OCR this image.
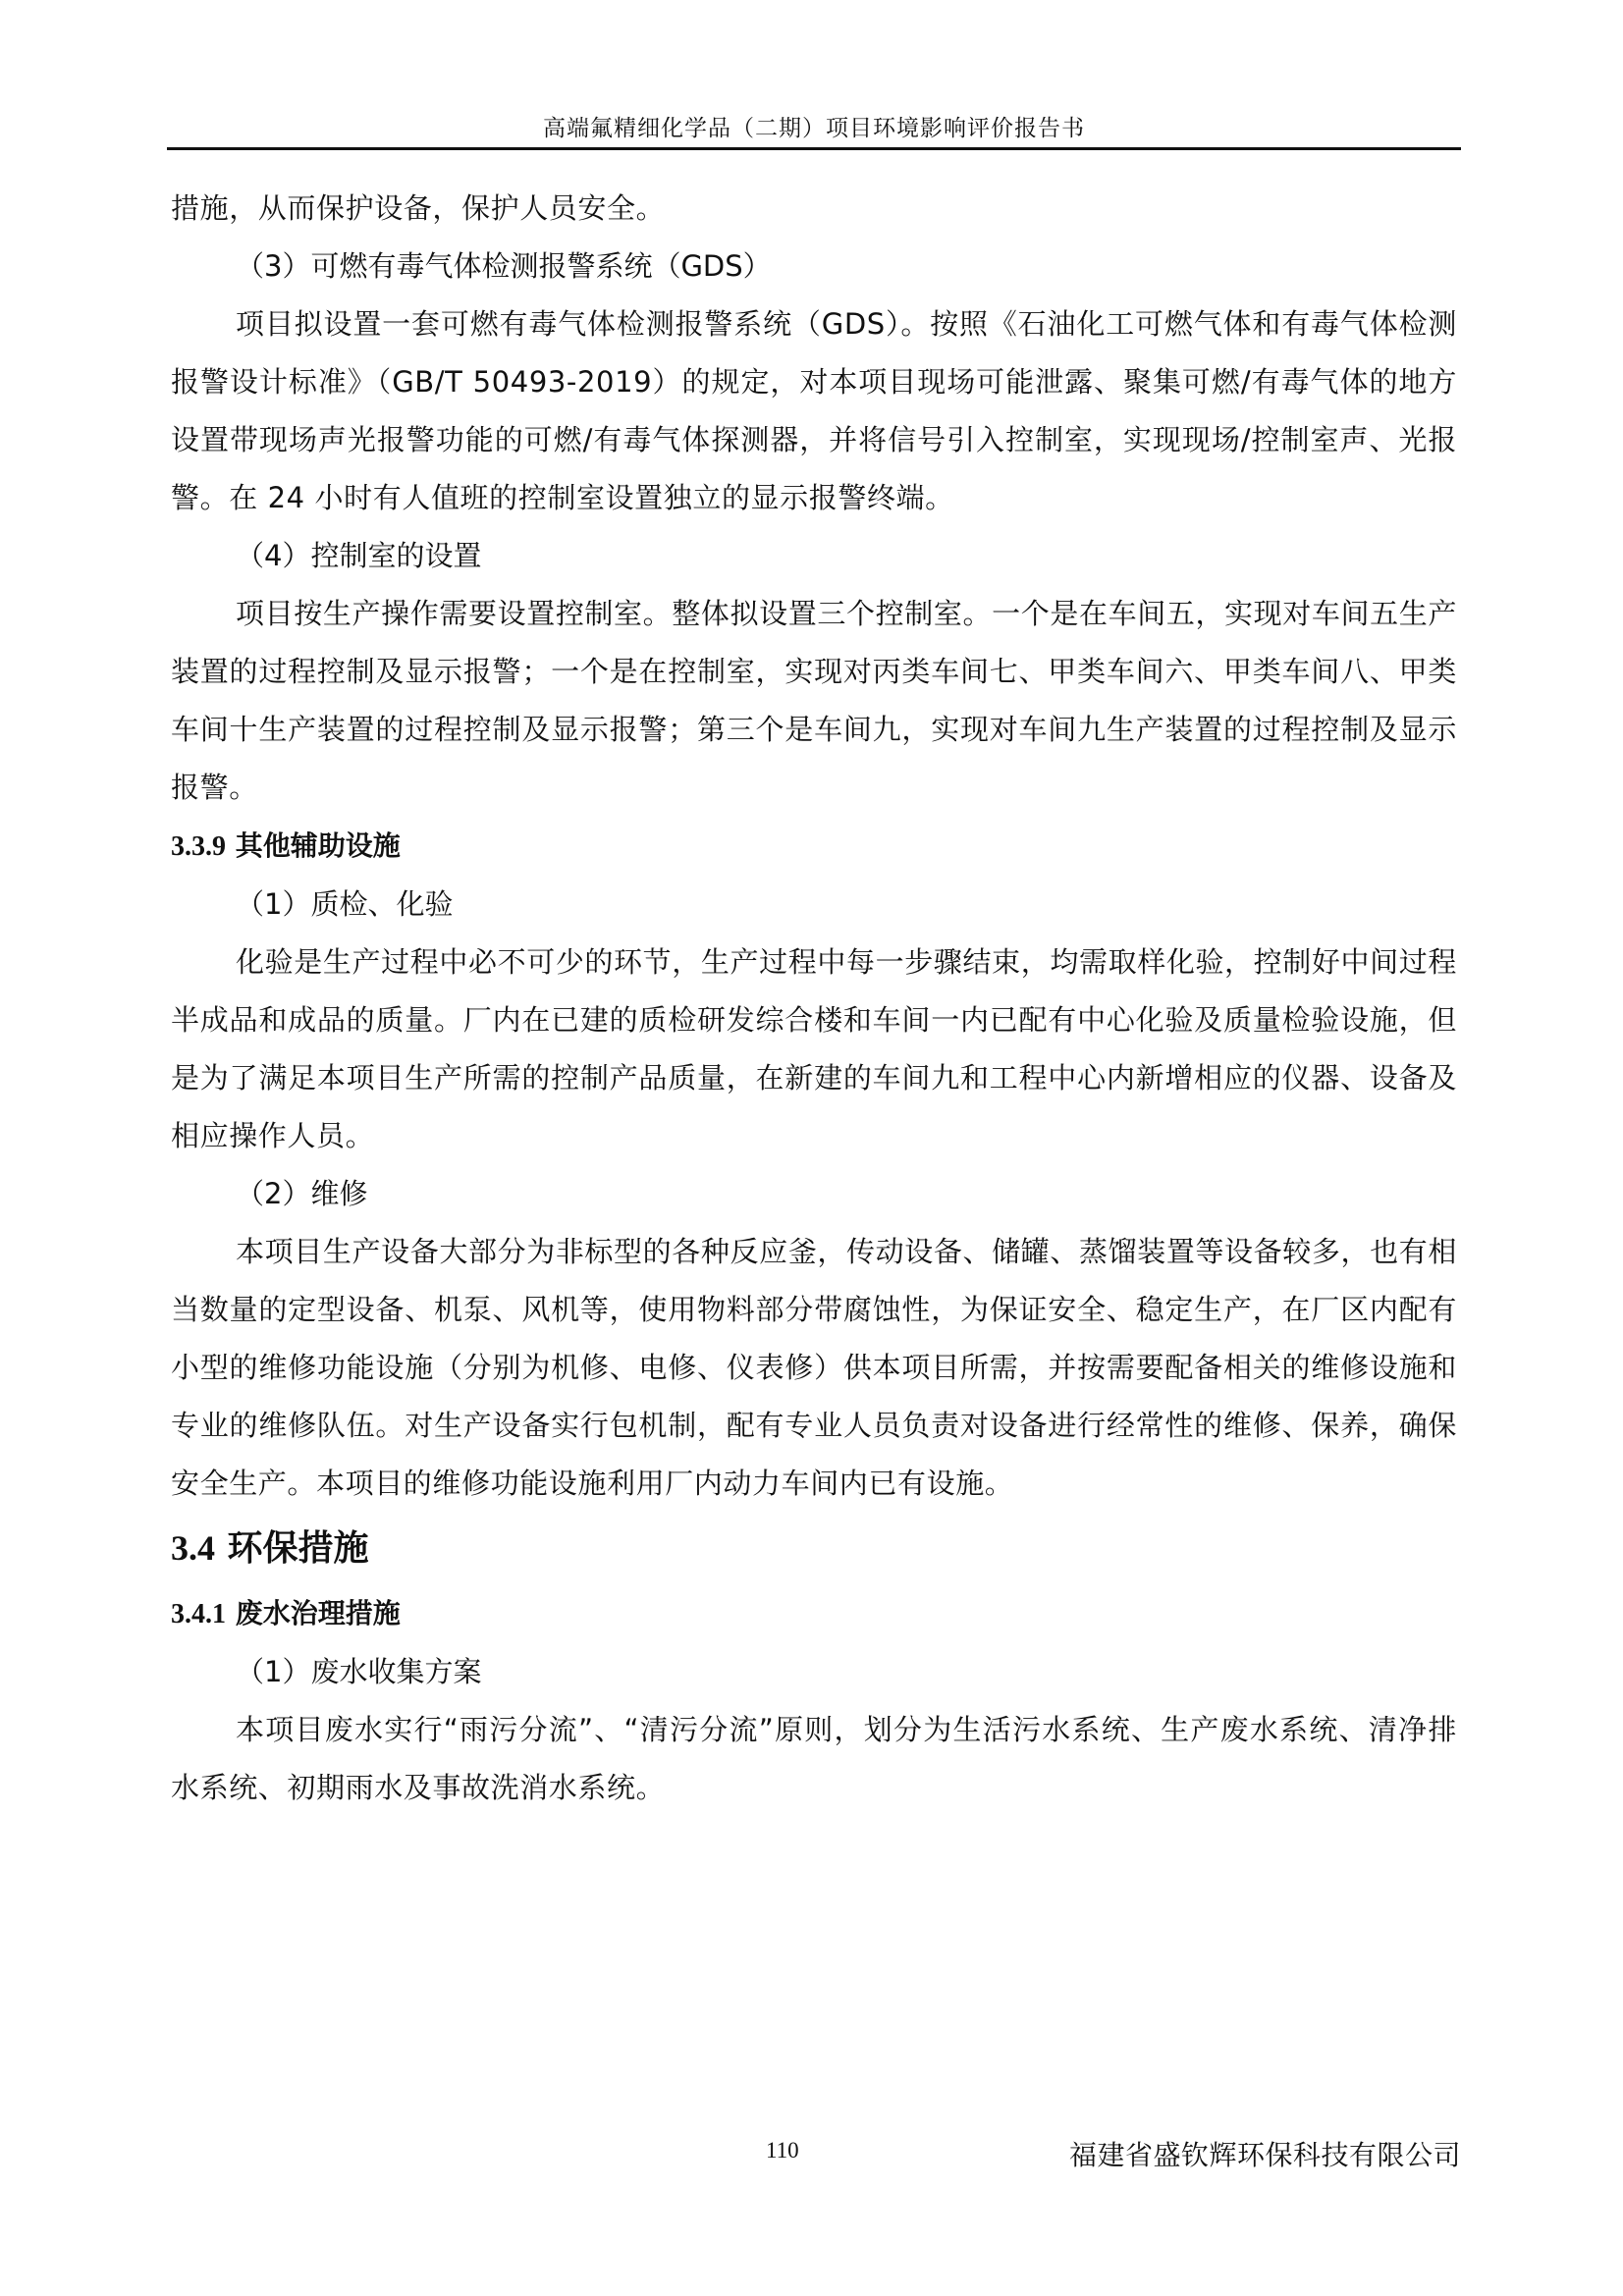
高端氟精细化学品（二期）项目环境影响评价报告书

措施，从而保护设备，保护人员安全。

（3）可燃有毒气体检测报警系统（GDS）

项目拟设置一套可燃有毒气体检测报警系统（GDS）。按照《石油化工可燃气体和有毒气体检测报警设计标准》（GB/T 50493-2019）的规定，对本项目现场可能泄露、聚集可燃/有毒气体的地方设置带现场声光报警功能的可燃/有毒气体探测器，并将信号引入控制室，实现现场/控制室声、光报警。在 24 小时有人值班的控制室设置独立的显示报警终端。

（4）控制室的设置

项目按生产操作需要设置控制室。整体拟设置三个控制室。一个是在车间五，实现对车间五生产装置的过程控制及显示报警；一个是在控制室，实现对丙类车间七、甲类车间六、甲类车间八、甲类车间十生产装置的过程控制及显示报警；第三个是车间九，实现对车间九生产装置的过程控制及显示报警。

3.3.9 其他辅助设施

（1）质检、化验

化验是生产过程中必不可少的环节，生产过程中每一步骤结束，均需取样化验，控制好中间过程半成品和成品的质量。厂内在已建的质检研发综合楼和车间一内已配有中心化验及质量检验设施，但是为了满足本项目生产所需的控制产品质量，在新建的车间九和工程中心内新增相应的仪器、设备及相应操作人员。

（2）维修

本项目生产设备大部分为非标型的各种反应釜，传动设备、储罐、蒸馏装置等设备较多，也有相当数量的定型设备、机泵、风机等，使用物料部分带腐蚀性，为保证安全、稳定生产，在厂区内配有小型的维修功能设施（分别为机修、电修、仪表修）供本项目所需，并按需要配备相关的维修设施和专业的维修队伍。对生产设备实行包机制，配有专业人员负责对设备进行经常性的维修、保养，确保安全生产。本项目的维修功能设施利用厂内动力车间内已有设施。

3.4 环保措施

3.4.1 废水治理措施

（1）废水收集方案

本项目废水实行“雨污分流”、“清污分流”原则，划分为生活污水系统、生产废水系统、清净排水系统、初期雨水及事故洗消水系统。

110	福建省盛钦辉环保科技有限公司
